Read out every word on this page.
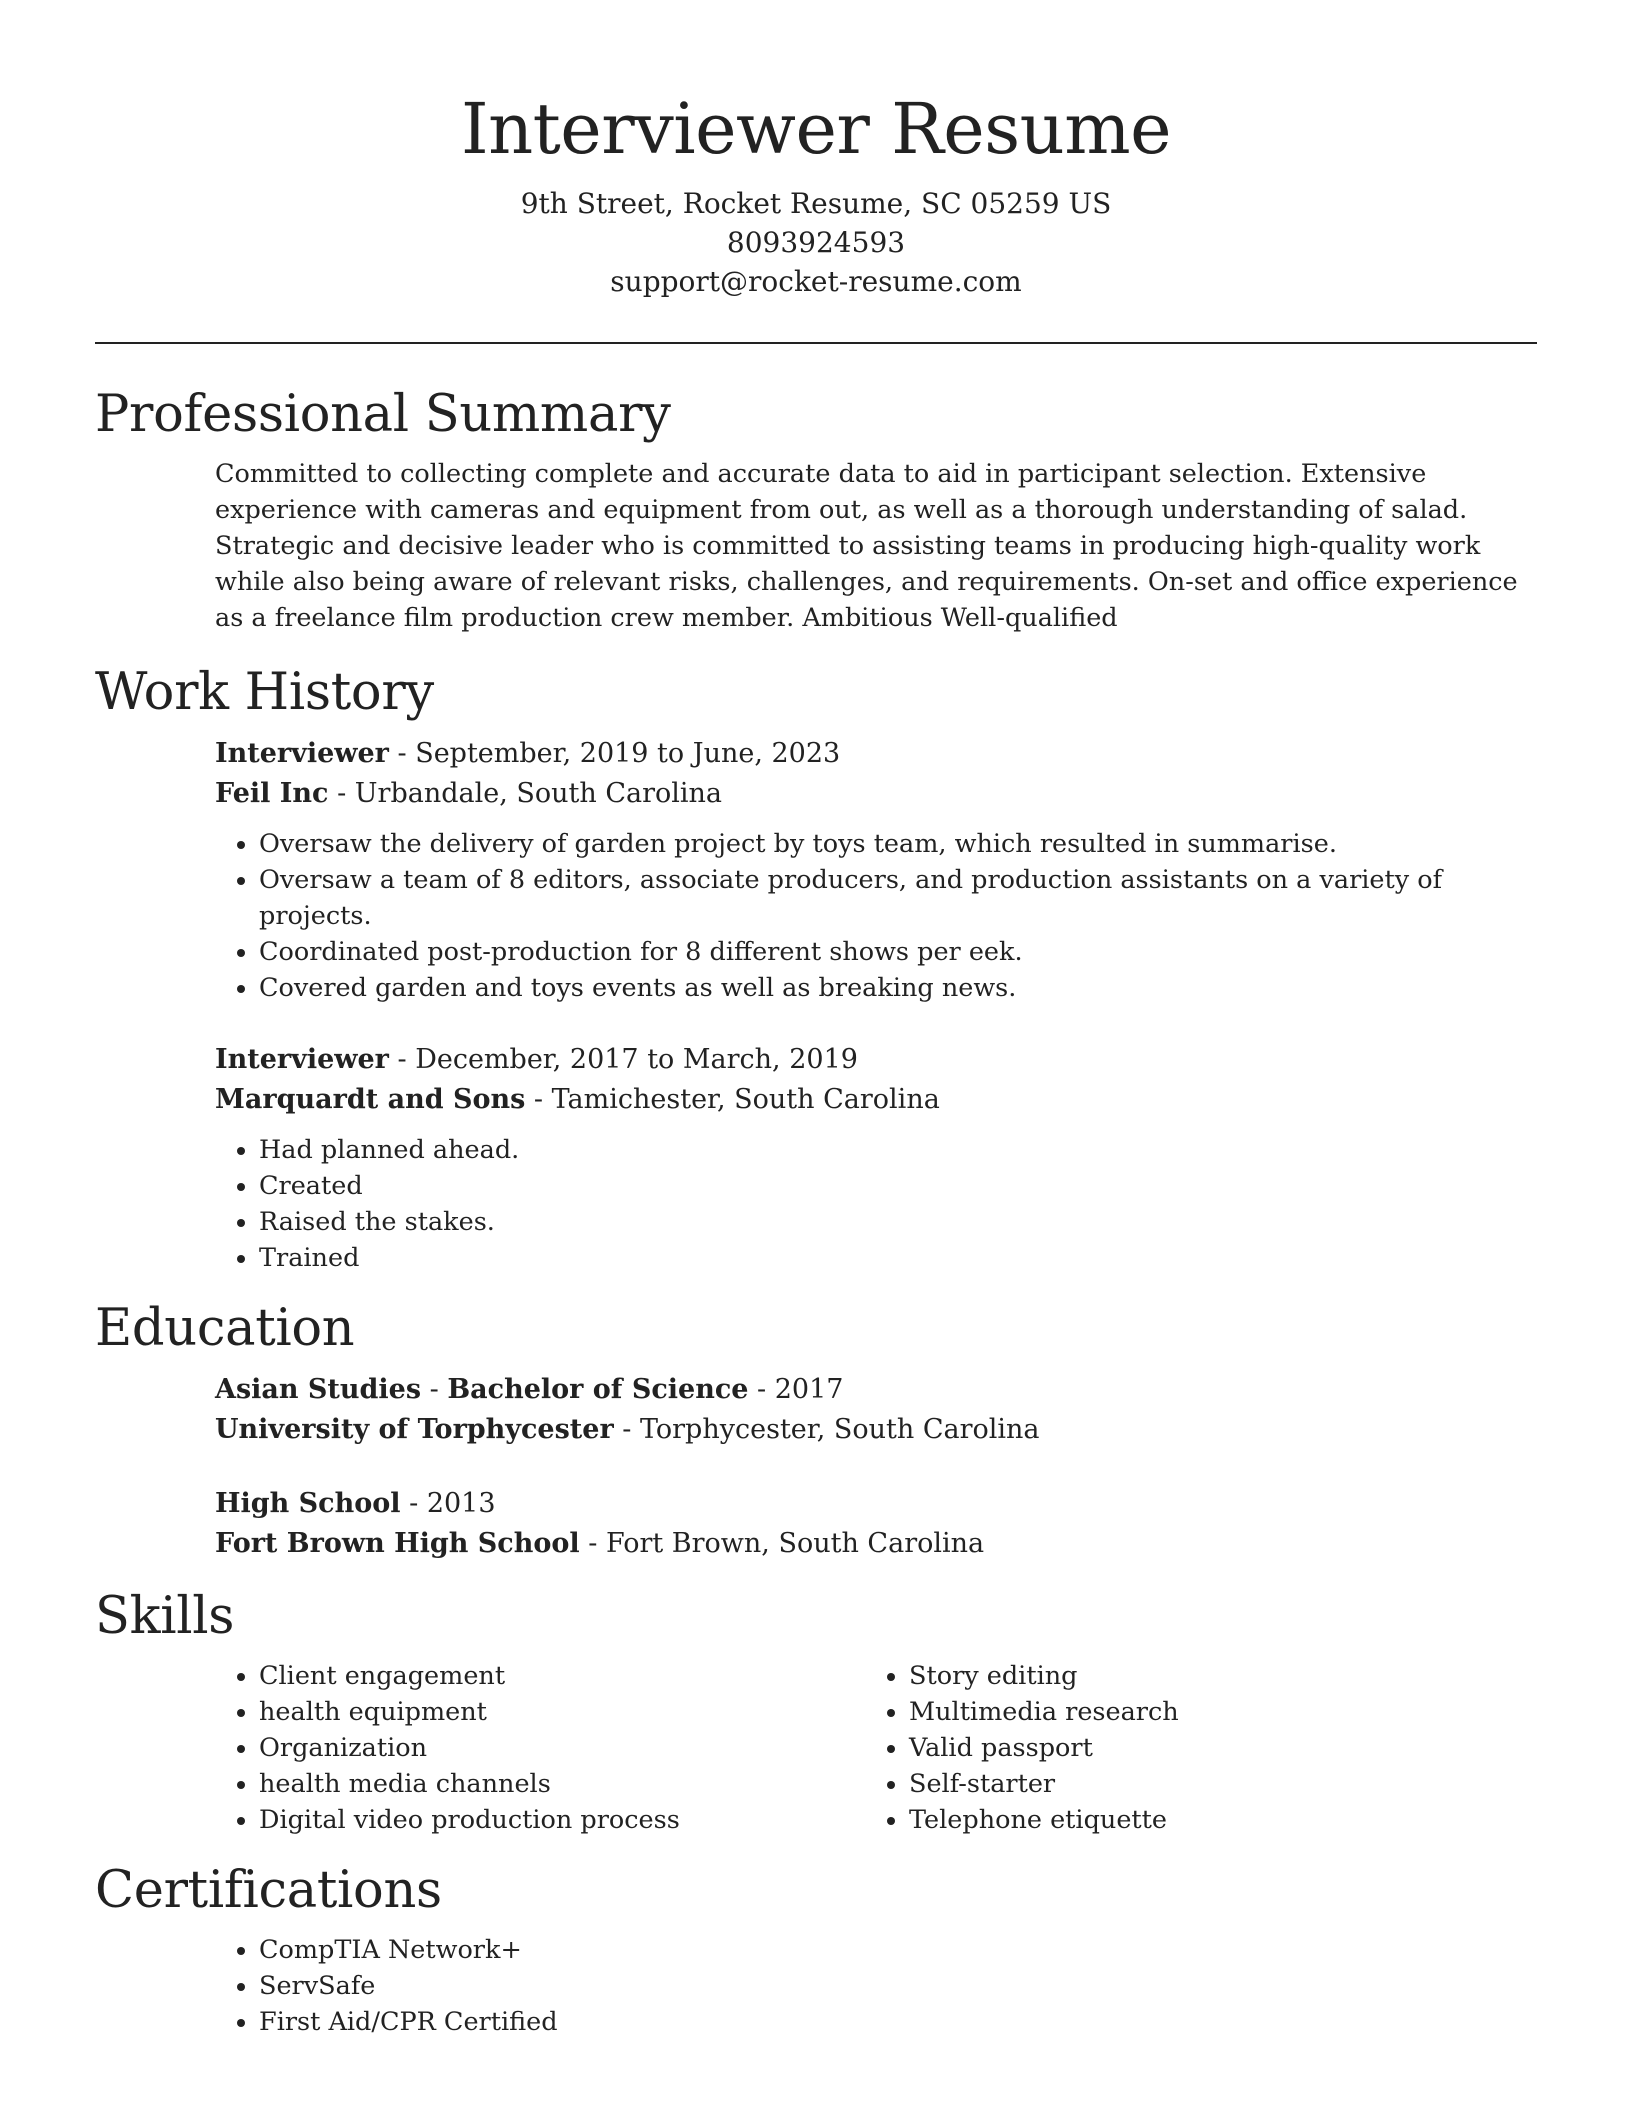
Interviewer Resume
9th Street, Rocket Resume, SC 05259 US
8093924593
support@rocket-resume.com
Professional Summary

Committed to collecting complete and accurate data to aid in participant selection. Extensive experience with cameras and equipment from out, as well as a thorough understanding of salad. Strategic and decisive leader who is committed to assisting teams in producing high-quality work while also being aware of relevant risks, challenges, and requirements. On-set and office experience as a freelance film production crew member. Ambitious Well-qualified

Work History
Interviewer - September, 2019 to June, 2023
Feil Inc - Urbandale, South Carolina
• Oversaw the delivery of garden project by toys team, which resulted in summarise.
• Oversaw a team of 8 editors, associate producers, and production assistants on a variety of projects.
• Coordinated post-production for 8 different shows per eek.
• Covered garden and toys events as well as breaking news.
Interviewer - December, 2017 to March, 2019
Marquardt and Sons - Tamichester, South Carolina
• Had planned ahead.
• Created
• Raised the stakes.
• Trained
Education
Asian Studies - Bachelor of Science - 2017
University of Torphycester - Torphycester, South Carolina
High School - 2013
Fort Brown High School - Fort Brown, South Carolina
Skills
• Client engagement
• health equipment
• Organization
• health media channels
• Digital video production process
• Story editing
• Multimedia research
• Valid passport
• Self-starter
• Telephone etiquette
Certifications
• CompTIA Network+
• ServSafe
• First Aid/CPR Certified
